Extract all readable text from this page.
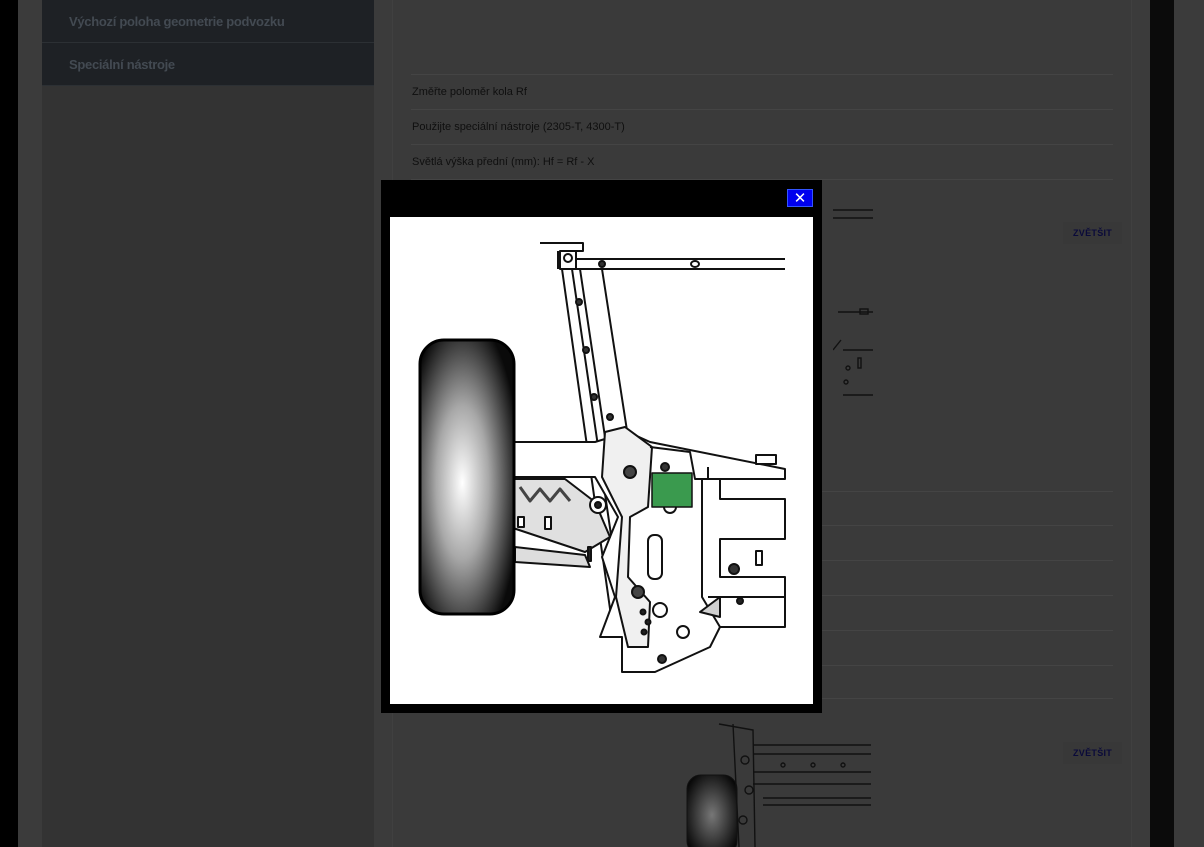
Výchozí poloha geometrie podvozku
Speciální nástroje
Změřte poloměr kola Rf
Použijte speciální nástroje (2305-T, 4300-T)
Světlá výška přední (mm): Hf = Rf - X
ZVĚTŠIT
ZVĚTŠIT
✕
